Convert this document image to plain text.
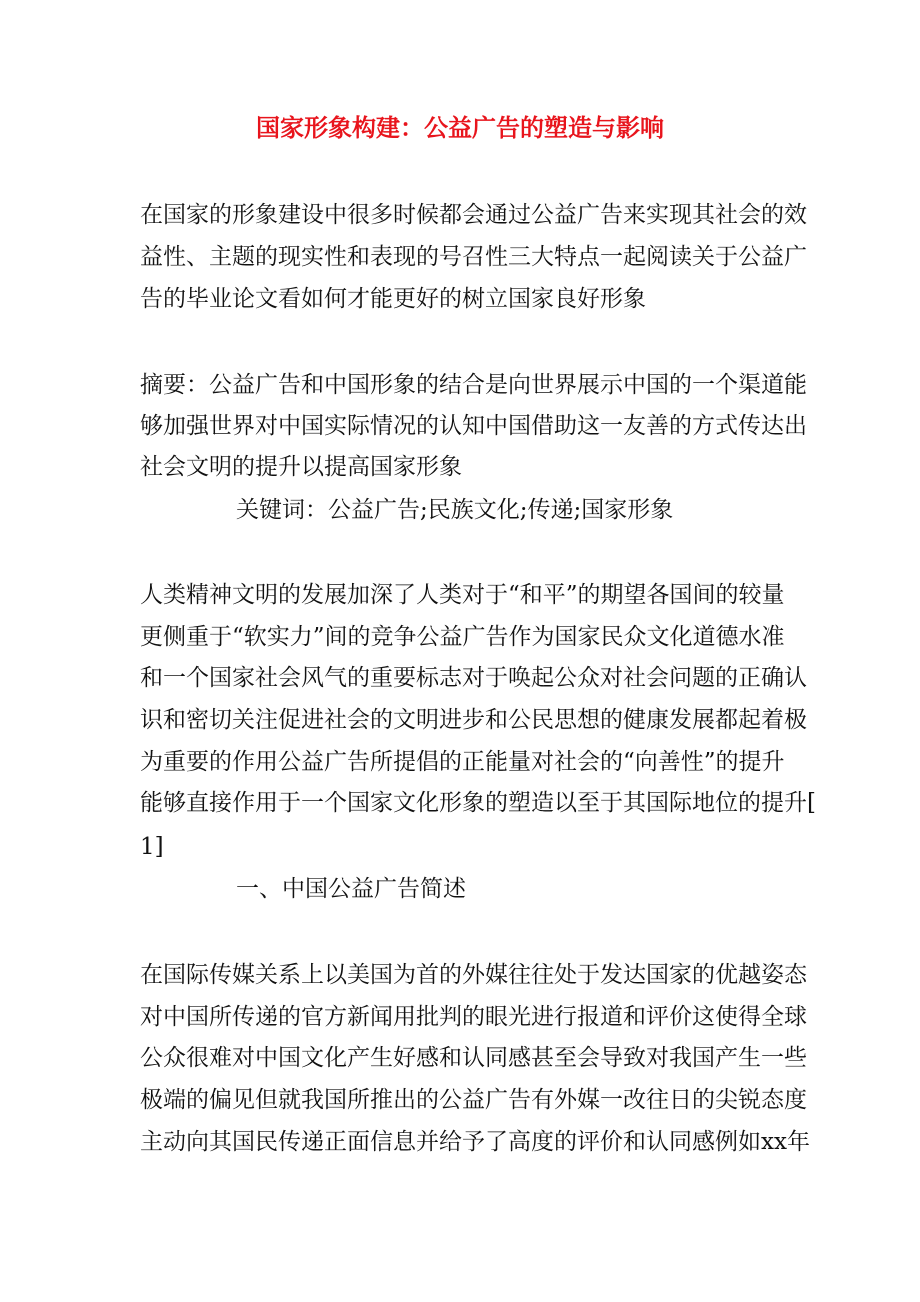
国家形象构建：公益广告的塑造与影响
在国家的形象建设中很多时候都会通过公益广告来实现其社会的效
益性、主题的现实性和表现的号召性三大特点一起阅读关于公益广
告的毕业论文看如何才能更好的树立国家良好形象
摘要：公益广告和中国形象的结合是向世界展示中国的一个渠道能
够加强世界对中国实际情况的认知中国借助这一友善的方式传达出
社会文明的提升以提高国家形象
关键词：公益广告;民族文化;传递;国家形象
人类精神文明的发展加深了人类对于“和平”的期望各国间的较量
更侧重于“软实力”间的竞争公益广告作为国家民众文化道德水准
和一个国家社会风气的重要标志对于唤起公众对社会问题的正确认
识和密切关注促进社会的文明进步和公民思想的健康发展都起着极
为重要的作用公益广告所提倡的正能量对社会的“向善性”的提升
能够直接作用于一个国家文化形象的塑造以至于其国际地位的提升[
1]
一、中国公益广告简述
在国际传媒关系上以美国为首的外媒往往处于发达国家的优越姿态
对中国所传递的官方新闻用批判的眼光进行报道和评价这使得全球
公众很难对中国文化产生好感和认同感甚至会导致对我国产生一些
极端的偏见但就我国所推出的公益广告有外媒一改往日的尖锐态度
主动向其国民传递正面信息并给予了高度的评价和认同感例如xx年
